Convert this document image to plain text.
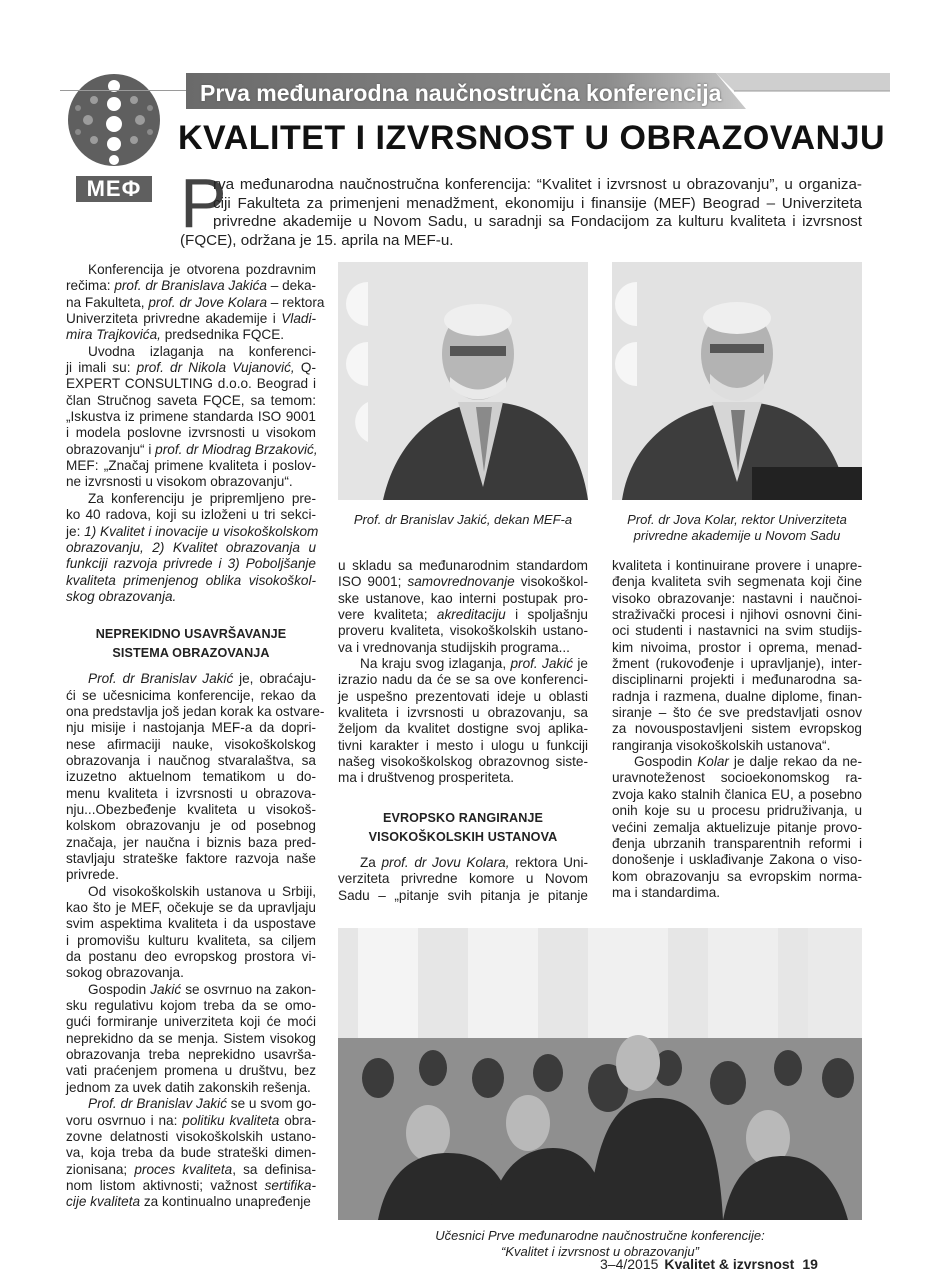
MEФ
Prva međunarodna naučnostručna konferencija
KVALITET I IZVRSNOST U OBRAZOVANJU
P
rva međunarodna naučnostručna konferencija: “Kvalitet i izvrsnost u obrazovanju”, u organiza-
ciji Fakulteta za primenjeni menadžment, ekonomiju i finansije (MEF) Beograd – Univerziteta
privredne akademije u Novom Sadu, u saradnji sa Fondacijom za kulturu kvaliteta i izvrsnost
(FQCE), održana je 15. aprila na MEF-u.

Konferencija je otvorena pozdravnim
rečima: prof. dr Branislava Jakića – deka-
na Fakulteta, prof. dr Jove Kolara – rektora
Univerziteta privredne akademije i Vladi-
mira Trajkovića, predsednika FQCE.

Uvodna izlaganja na konferenci-
ji imali su: prof. dr Nikola Vujanović, Q-
EXPERT CONSULTING d.o.o. Beograd i
član Stručnog saveta FQCE, sa temom:
„Iskustva iz primene standarda ISO 9001
i modela poslovne izvrsnosti u visokom
obrazovanju“ i prof. dr Miodrag Brzaković,
MEF: „Značaj primene kvaliteta i poslov-
ne izvrsnosti u visokom obrazovanju“.

Za konferenciju je pripremljeno pre-
ko 40 radova, koji su izloženi u tri sekci-
je: 1) Kvalitet i inovacije u visokoškolskom
obrazovanju, 2) Kvalitet obrazovanja u
funkciji razvoja privrede i 3) Poboljšanje
kvaliteta primenjenog oblika visokoškol-
skog obrazovanja.

NEPREKIDNO USAVRŠAVANJE
SISTEMA OBRAZOVANJA

Prof. dr Branislav Jakić je, obraćaju-
ći se učesnicima konferencije, rekao da
ona predstavlja još jedan korak ka ostvare-
nju misije i nastojanja MEF-a da dopri-
nese afirmaciji nauke, visokoškolskog
obrazovanja i naučnog stvaralaštva, sa
izuzetno aktuelnom tematikom u do-
menu kvaliteta i izvrsnosti u obrazova-
nju...Obezbeđenje kvaliteta u visokoš-
kolskom obrazovanju je od posebnog
značaja, jer naučna i biznis baza pred-
stavljaju strateške faktore razvoja naše
privrede.

Od visokoškolskih ustanova u Srbiji,
kao što je MEF, očekuje se da upravljaju
svim aspektima kvaliteta i da uspostave
i promovišu kulturu kvaliteta, sa ciljem
da postanu deo evropskog prostora vi-
sokog obrazovanja.

Gospodin Jakić se osvrnuo na zakon-
sku regulativu kojom treba da se omo-
gući formiranje univerziteta koji će moći
neprekidno da se menja. Sistem visokog
obrazovanja treba neprekidno usavrša-
vati praćenjem promena u društvu, bez
jednom za uvek datih zakonskih rešenja.

Prof. dr Branislav Jakić se u svom go-
voru osvrnuo i na: politiku kvaliteta obra-
zovne delatnosti visokoškolskih ustano-
va, koja treba da bude strateški dimen-
zionisana; proces kvaliteta, sa definisa-
nom listom aktivnosti; važnost sertifika-
cije kvaliteta za kontinualno unapređenje

Prof. dr Branislav Jakić, dekan MEF-a	Prof. dr Jova Kolar, rektor Univerziteta
privredne akademije u Novom Sadu

u skladu sa međunarodnim standardom
ISO 9001; samovrednovanje visokoškol-
ske ustanove, kao interni postupak pro-
vere kvaliteta; akreditaciju i spoljašnju
proveru kvaliteta, visokoškolskih ustano-
va i vrednovanja studijskih programa...

Na kraju svog izlaganja, prof. Jakić je
izrazio nadu da će se sa ove konferenci-
je uspešno prezentovati ideje u oblasti
kvaliteta i izvrsnosti u obrazovanju, sa
željom da kvalitet dostigne svoj aplika-
tivni karakter i mesto i ulogu u funkciji
našeg visokoškolskog obrazovnog siste-
ma i društvenog prosperiteta.

EVROPSKO RANGIRANJE
VISOKOŠKOLSKIH USTANOVA

Za prof. dr Jovu Kolara, rektora Uni-
verziteta privredne komore u Novom
Sadu – „pitanje svih pitanja je pitanje

kvaliteta i kontinuirane provere i unapre-
đenja kvaliteta svih segmenata koji čine
visoko obrazovanje: nastavni i naučnoi-
straživački procesi i njihovi osnovni čini-
oci studenti i nastavnici na svim studijs-
kim nivoima, prostor i oprema, menad-
žment (rukovođenje i upravljanje), inter-
disciplinarni projekti i međunarodna sa-
radnja i razmena, dualne diplome, finan-
siranje – što će sve predstavljati osnov
za novouspostavljeni sistem evropskog
rangiranja visokoškolskih ustanova“.

Gospodin Kolar je dalje rekao da ne-
uravnoteženost socioekonomskog ra-
zvoja kako stalnih članica EU, a posebno
onih koje su u procesu pridruživanja, u
većini zemalja aktuelizuje pitanje provo-
đenja ubrzanih transparentnih reformi i
donošenje i usklađivanje Zakona o viso-
kom obrazovanju sa evropskim norma-
ma i standardima.

Učesnici Prve međunarodne naučnostručne konferencije:
“Kvalitet i izvrsnost u obrazovanju”
3–4/2015 Kvalitet & izvrsnost 19
